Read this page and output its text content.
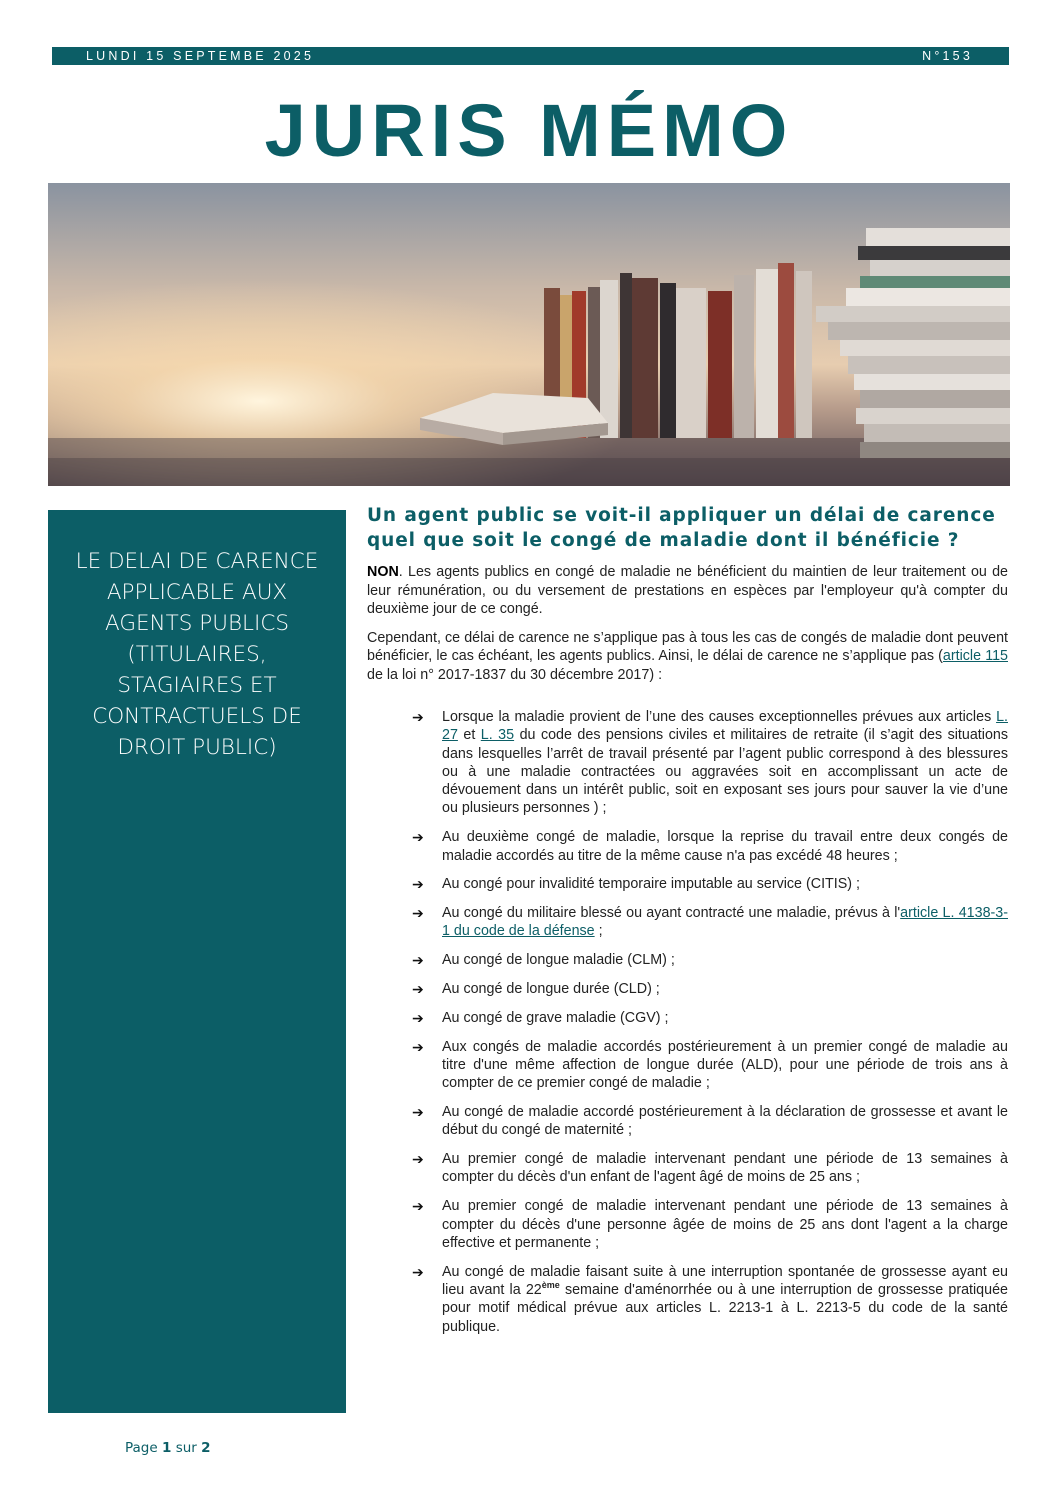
LUNDI 15 SEPTEMBE 2025	N°153
JURIS MÉMO
LE DELAI DE CARENCE APPLICABLE AUX AGENTS PUBLICS (TITULAIRES, STAGIAIRES ET CONTRACTUELS DE DROIT PUBLIC)
Un agent public se voit-il appliquer un délai de carence quel que soit le congé de maladie dont il bénéficie ?

NON. Les agents publics en congé de maladie ne bénéficient du maintien de leur traitement ou de leur rémunération, ou du versement de prestations en espèces par l'employeur qu'à compter du deuxième jour de ce congé.

Cependant, ce délai de carence ne s’applique pas à tous les cas de congés de maladie dont peuvent bénéficier, le cas échéant, les agents publics. Ainsi, le délai de carence ne s’applique pas (article 115 de la loi n° 2017-1837 du 30 décembre 2017) :

➔ Lorsque la maladie provient de l’une des causes exceptionnelles prévues aux articles L. 27 et L. 35 du code des pensions civiles et militaires de retraite (il s’agit des situations dans lesquelles l’arrêt de travail présenté par l’agent public correspond à des blessures ou à une maladie contractées ou aggravées soit en accomplissant un acte de dévouement dans un intérêt public, soit en exposant ses jours pour sauver la vie d’une ou plusieurs personnes ) ;
➔ Au deuxième congé de maladie, lorsque la reprise du travail entre deux congés de maladie accordés au titre de la même cause n'a pas excédé 48 heures ;
➔ Au congé pour invalidité temporaire imputable au service (CITIS) ;
➔ Au congé du militaire blessé ou ayant contracté une maladie, prévus à l'article L. 4138-3-1 du code de la défense ;
➔ Au congé de longue maladie (CLM) ;
➔ Au congé de longue durée (CLD) ;
➔ Au congé de grave maladie (CGV) ;
➔ Aux congés de maladie accordés postérieurement à un premier congé de maladie au titre d'une même affection de longue durée (ALD), pour une période de trois ans à compter de ce premier congé de maladie ;
➔ Au congé de maladie accordé postérieurement à la déclaration de grossesse et avant le début du congé de maternité ;
➔ Au premier congé de maladie intervenant pendant une période de 13 semaines à compter du décès d'un enfant de l'agent âgé de moins de 25 ans ;
➔ Au premier congé de maladie intervenant pendant une période de 13 semaines à compter du décès d'une personne âgée de moins de 25 ans dont l'agent a la charge effective et permanente ;
➔ Au congé de maladie faisant suite à une interruption spontanée de grossesse ayant eu lieu avant la 22ème semaine d'aménorrhée ou à une interruption de grossesse pratiquée pour motif médical prévue aux articles L. 2213-1 à L. 2213-5 du code de la santé publique.
Page 1 sur 2
